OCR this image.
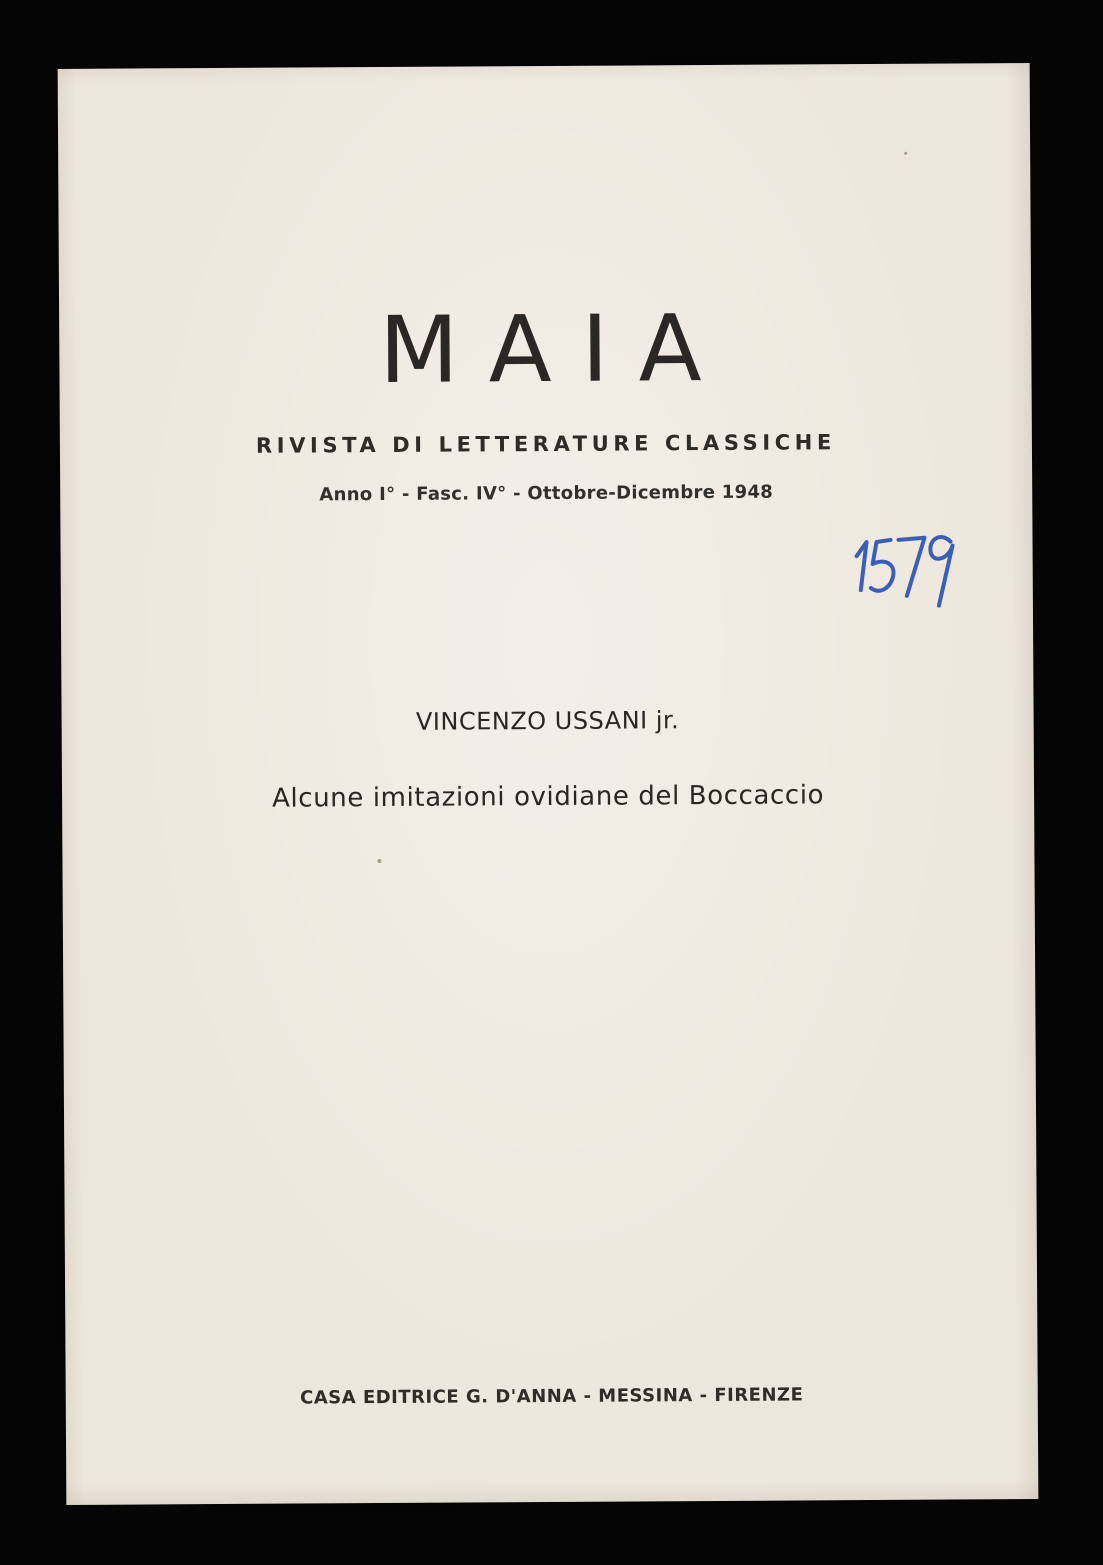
MAIA
RIVISTA DI LETTERATURE CLASSICHE
Anno I° - Fasc. IV° - Ottobre-Dicembre 1948
VINCENZO USSANI jr.
Alcune imitazioni ovidiane del Boccaccio
CASA EDITRICE G. D'ANNA - MESSINA - FIRENZE
